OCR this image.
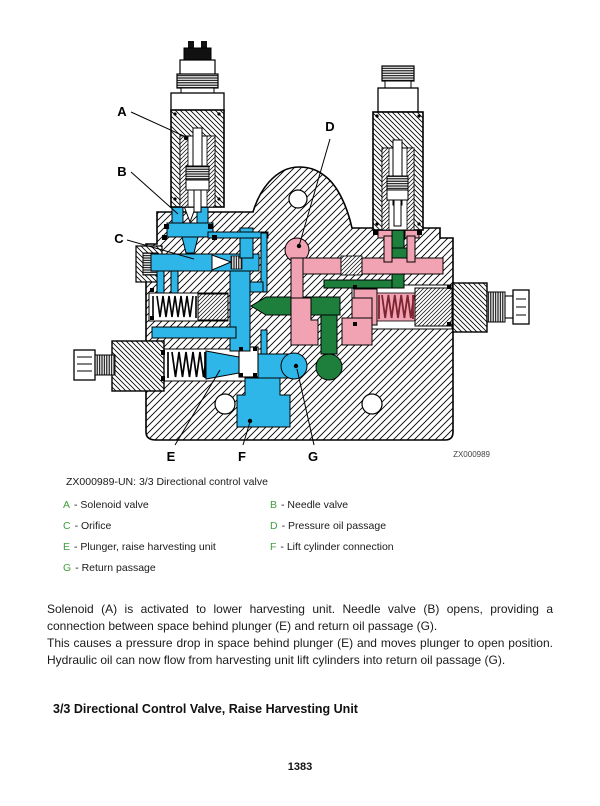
A
B
C
D
E	F	G	ZX000989
ZX000989-UN: 3/3 Directional control valve
A - Solenoid valve	B - Needle valve
C - Orifice	D - Pressure oil passage
E - Plunger, raise harvesting unit	F - Lift cylinder connection
G - Return passage

Solenoid (A) is activated to lower harvesting unit. Needle valve (B) opens, providing a connection between space behind plunger (E) and return oil passage (G).

This causes a pressure drop in space behind plunger (E) and moves plunger to open position. Hydraulic oil can now flow from harvesting unit lift cylinders into return oil passage (G).

3/3 Directional Control Valve, Raise Harvesting Unit
1383
